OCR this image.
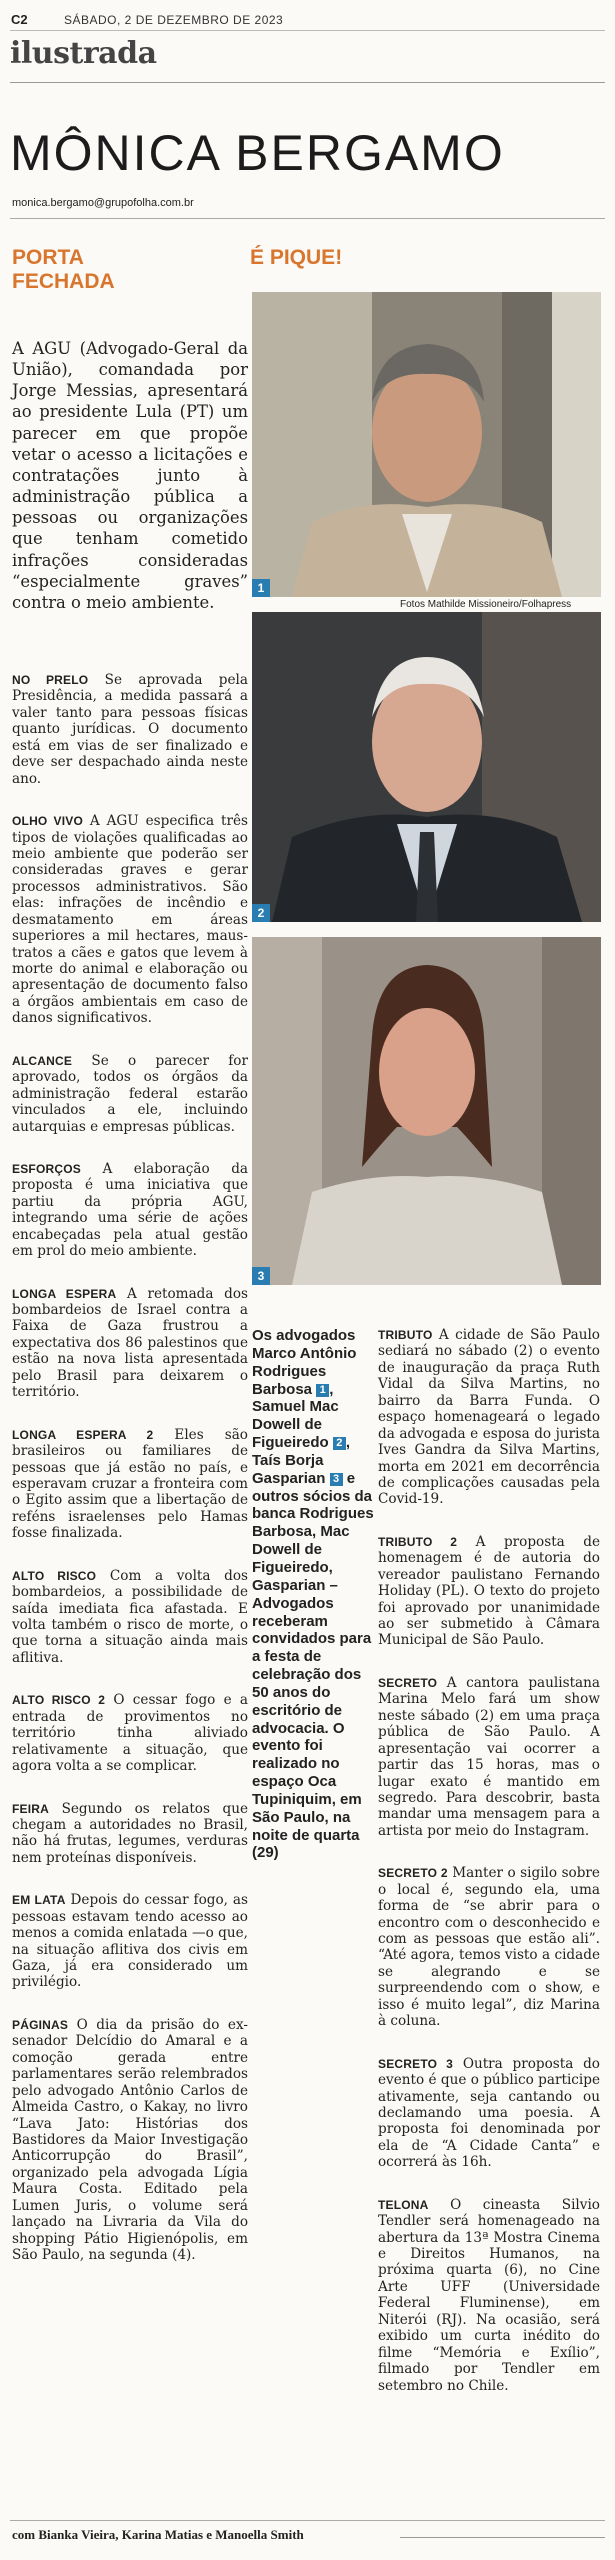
C2	SÁBADO, 2 DE DEZEMBRO DE 2023
ilustrada
MÔNICA BERGAMO
monica.bergamo@grupofolha.com.br
PORTA FECHADA
A AGU (Advogado-Geral da União), comandada por Jorge Messias, apresentará ao presidente Lula (PT) um parecer em que propõe vetar o acesso a licitações e contratações junto à administração pública a pessoas ou organizações que tenham cometido infrações consideradas “especialmente graves” contra o meio ambiente.

NO PRELO Se aprovada pela Presidência, a medida passará a valer tanto para pessoas físicas quanto jurídicas. O documento está em vias de ser finalizado e deve ser despachado ainda neste ano.

OLHO VIVO A AGU especifica três tipos de violações qualificadas ao meio ambiente que poderão ser consideradas graves e gerar processos administrativos. São elas: infrações de incêndio e desmatamento em áreas superiores a mil hectares, maus-tratos a cães e gatos que levem à morte do animal e elaboração ou apresentação de documento falso a órgãos ambientais em caso de danos significativos.

ALCANCE Se o parecer for aprovado, todos os órgãos da administração federal estarão vinculados a ele, incluindo autarquias e empresas públicas.

ESFORÇOS A elaboração da proposta é uma iniciativa que partiu da própria AGU, integrando uma série de ações encabeçadas pela atual gestão em prol do meio ambiente.

LONGA ESPERA A retomada dos bombardeios de Israel contra a Faixa de Gaza frustrou a expectativa dos 86 palestinos que estão na nova lista apresentada pelo Brasil para deixarem o território.

LONGA ESPERA 2 Eles são brasileiros ou familiares de pessoas que já estão no país, e esperavam cruzar a fronteira com o Egito assim que a libertação de reféns israelenses pelo Hamas fosse finalizada.

ALTO RISCO Com a volta dos bombardeios, a possibilidade de saída imediata fica afastada. E volta também o risco de morte, o que torna a situação ainda mais aflitiva.

ALTO RISCO 2 O cessar fogo e a entrada de provimentos no território tinha aliviado relativamente a situação, que agora volta a se complicar.

FEIRA Segundo os relatos que chegam a autoridades no Brasil, não há frutas, legumes, verduras nem proteínas disponíveis.

EM LATA Depois do cessar fogo, as pessoas estavam tendo acesso ao menos a comida enlatada —o que, na situação aflitiva dos civis em Gaza, já era considerado um privilégio.

PÁGINAS O dia da prisão do ex-senador Delcídio do Amaral e a comoção gerada entre parlamentares serão relembrados pelo advogado Antônio Carlos de Almeida Castro, o Kakay, no livro “Lava Jato: Histórias dos Bastidores da Maior Investigação Anticorrupção do Brasil”, organizado pela advogada Lígia Maura Costa. Editado pela Lumen Juris, o volume será lançado na Livraria da Vila do shopping Pátio Higienópolis, em São Paulo, na segunda (4).

É PIQUE!
1
Fotos Mathilde Missioneiro/Folhapress
2
3
Os advogados Marco Antônio Rodrigues Barbosa 1 , Samuel Mac Dowell de Figueiredo 2 , Taís Borja Gasparian 3 e outros sócios da banca Rodrigues Barbosa, Mac Dowell de Figueiredo, Gasparian – Advogados receberam convidados para a festa de celebração dos 50 anos do escritório de advocacia. O evento foi realizado no espaço Oca Tupiniquim, em São Paulo, na noite de quarta (29)

TRIBUTO A cidade de São Paulo sediará no sábado (2) o evento de inauguração da praça Ruth Vidal da Silva Martins, no bairro da Barra Funda. O espaço homenageará o legado da advogada e esposa do jurista Ives Gandra da Silva Martins, morta em 2021 em decorrência de complicações causadas pela Covid-19.

TRIBUTO 2 A proposta de homenagem é de autoria do vereador paulistano Fernando Holiday (PL). O texto do projeto foi aprovado por unanimidade ao ser submetido à Câmara Municipal de São Paulo.

SECRETO A cantora paulistana Marina Melo fará um show neste sábado (2) em uma praça pública de São Paulo. A apresentação vai ocorrer a partir das 15 horas, mas o lugar exato é mantido em segredo. Para descobrir, basta mandar uma mensagem para a artista por meio do Instagram.

SECRETO 2 Manter o sigilo sobre o local é, segundo ela, uma forma de “se abrir para o encontro com o desconhecido e com as pessoas que estão ali”. “Até agora, temos visto a cidade se alegrando e se surpreendendo com o show, e isso é muito legal”, diz Marina à coluna.

SECRETO 3 Outra proposta do evento é que o público participe ativamente, seja cantando ou declamando uma poesia. A proposta foi denominada por ela de “A Cidade Canta” e ocorrerá às 16h.

TELONA O cineasta Silvio Tendler será homenageado na abertura da 13ª Mostra Cinema e Direitos Humanos, na próxima quarta (6), no Cine Arte UFF (Universidade Federal Fluminense), em Niterói (RJ). Na ocasião, será exibido um curta inédito do filme “Memória e Exílio”, filmado por Tendler em setembro no Chile.

com Bianka Vieira, Karina Matias e Manoella Smith
